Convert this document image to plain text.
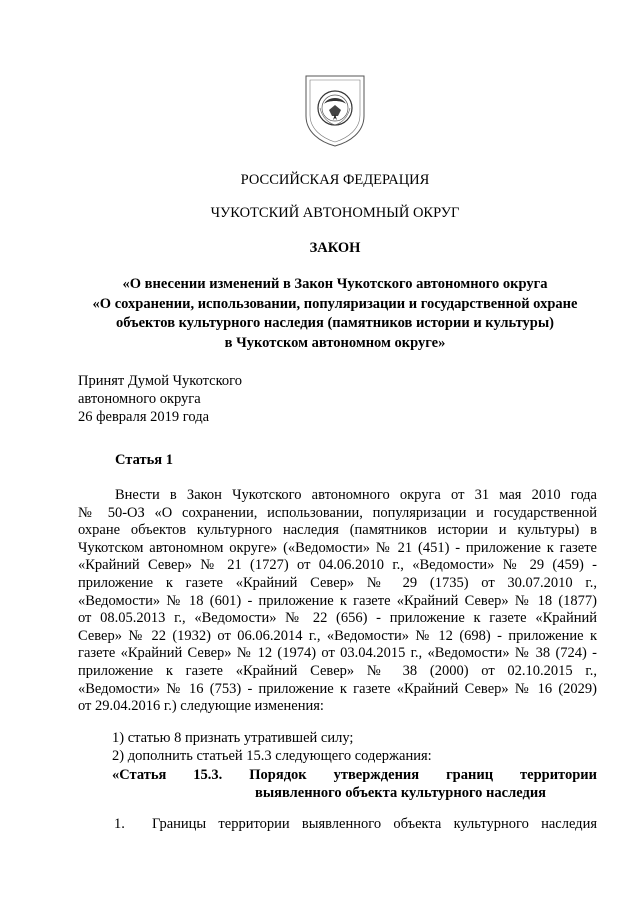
РОССИЙСКАЯ ФЕДЕРАЦИЯ
ЧУКОТСКИЙ АВТОНОМНЫЙ ОКРУГ
ЗАКОН
«О внесении изменений в Закон Чукотского автономного округа
«О сохранении, использовании, популяризации и государственной охране
объектов культурного наследия (памятников истории и культуры)
в Чукотском автономном округе»
Принят Думой Чукотского
автономного округа
26 февраля 2019 года
Статья 1
Внести в Закон Чукотского автономного округа от 31 мая 2010 года
№ 50-ОЗ «О сохранении, использовании, популяризации и государственной
охране объектов культурного наследия (памятников истории и культуры) в
Чукотском автономном округе» («Ведомости» № 21 (451) - приложение к газете
«Крайний Север» № 21 (1727) от 04.06.2010 г., «Ведомости» № 29 (459) -
приложение к газете «Крайний Север» № 29 (1735) от 30.07.2010 г.,
«Ведомости» № 18 (601) - приложение к газете «Крайний Север» № 18 (1877)
от 08.05.2013 г., «Ведомости» № 22 (656) - приложение к газете «Крайний
Север» № 22 (1932) от 06.06.2014 г., «Ведомости» № 12 (698) - приложение к
газете «Крайний Север» № 12 (1974) от 03.04.2015 г., «Ведомости» № 38 (724) -
приложение к газете «Крайний Север» № 38 (2000) от 02.10.2015 г.,
«Ведомости» № 16 (753) - приложение к газете «Крайний Север» № 16 (2029)
от 29.04.2016 г.) следующие изменения:
1) статью 8 признать утратившей силу;
2) дополнить статьей 15.3 следующего содержания:
«Статья 15.3. Порядок утверждения границ территории
выявленного объекта культурного наследия
1. Границы территории выявленного объекта культурного наследия
